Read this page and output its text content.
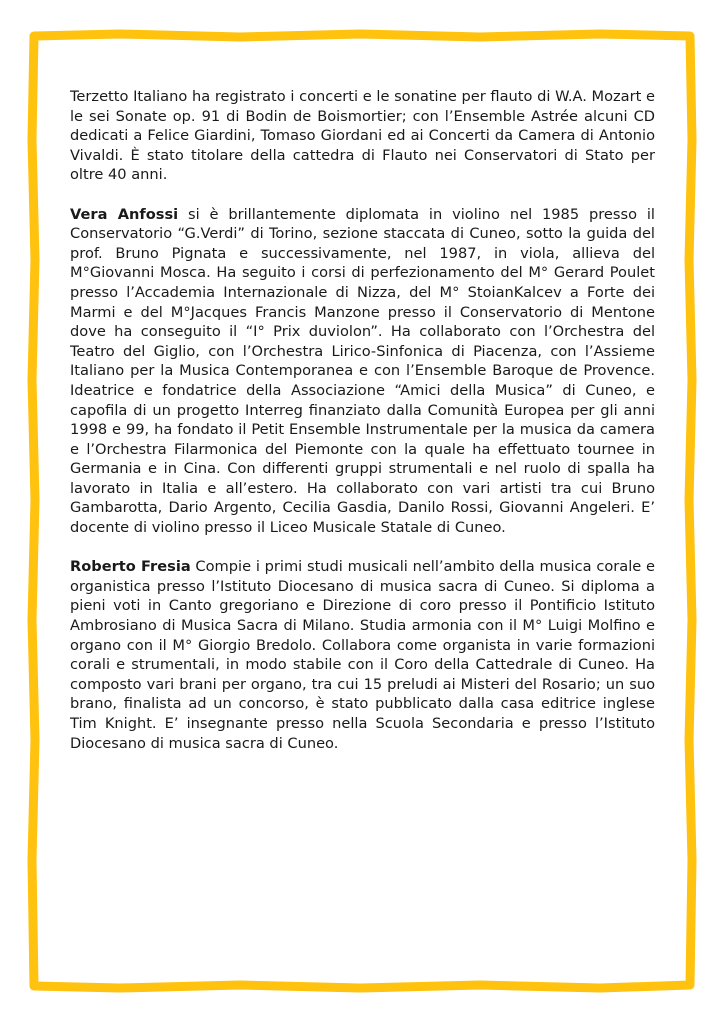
Terzetto Italiano ha registrato i concerti e le sonatine per flauto di W.A. Mozart e le sei Sonate op. 91 di Bodin de Boismortier; con l’Ensemble Astrée alcuni CD dedicati a Felice Giardini, Tomaso Giordani ed ai Concerti da Camera di Antonio Vivaldi. È stato titolare della cattedra di Flauto nei Conservatori di Stato per oltre 40 anni.

Vera Anfossi si è brillantemente diplomata in violino nel 1985 presso il Conservatorio “G.Verdi” di Torino, sezione staccata di Cuneo, sotto la guida del prof. Bruno Pignata e successivamente, nel 1987, in viola, allieva del M°Giovanni Mosca. Ha seguito i corsi di perfezionamento del M° Gerard Poulet presso l’Accademia Internazionale di Nizza, del M° StoianKalcev a Forte dei Marmi e del M°Jacques Francis Manzone presso il Conservatorio di Mentone dove ha conseguito il “I° Prix duviolon”. Ha collaborato con l’Orchestra del Teatro del Giglio, con l’Orchestra Lirico-Sinfonica di Piacenza, con l’Assieme Italiano per la Musica Contemporanea e con l’Ensemble Baroque de Provence. Ideatrice e fondatrice della Associazione “Amici della Musica” di Cuneo, e capofila di un progetto Interreg finanziato dalla Comunità Europea per gli anni 1998 e 99, ha fondato il Petit Ensemble Instrumentale per la musica da camera e l’Orchestra Filarmonica del Piemonte con la quale ha effettuato tournee in Germania e in Cina. Con differenti gruppi strumentali e nel ruolo di spalla ha lavorato in Italia e all’estero. Ha collaborato con vari artisti tra cui Bruno Gambarotta, Dario Argento, Cecilia Gasdia, Danilo Rossi, Giovanni Angeleri. E’ docente di violino presso il Liceo Musicale Statale di Cuneo.

Roberto Fresia Compie i primi studi musicali nell’ambito della musica corale e organistica presso l’Istituto Diocesano di musica sacra di Cuneo. Si diploma a pieni voti in Canto gregoriano e Direzione di coro presso il Pontificio Istituto Ambrosiano di Musica Sacra di Milano. Studia armonia con il M° Luigi Molfino e organo con il M° Giorgio Bredolo. Collabora come organista in varie formazioni corali e strumentali, in modo stabile con il Coro della Cattedrale di Cuneo. Ha composto vari brani per organo, tra cui 15 preludi ai Misteri del Rosario; un suo brano, finalista ad un concorso, è stato pubblicato dalla casa editrice inglese Tim Knight. E’ insegnante presso nella Scuola Secondaria e presso l’Istituto Diocesano di musica sacra di Cuneo.
